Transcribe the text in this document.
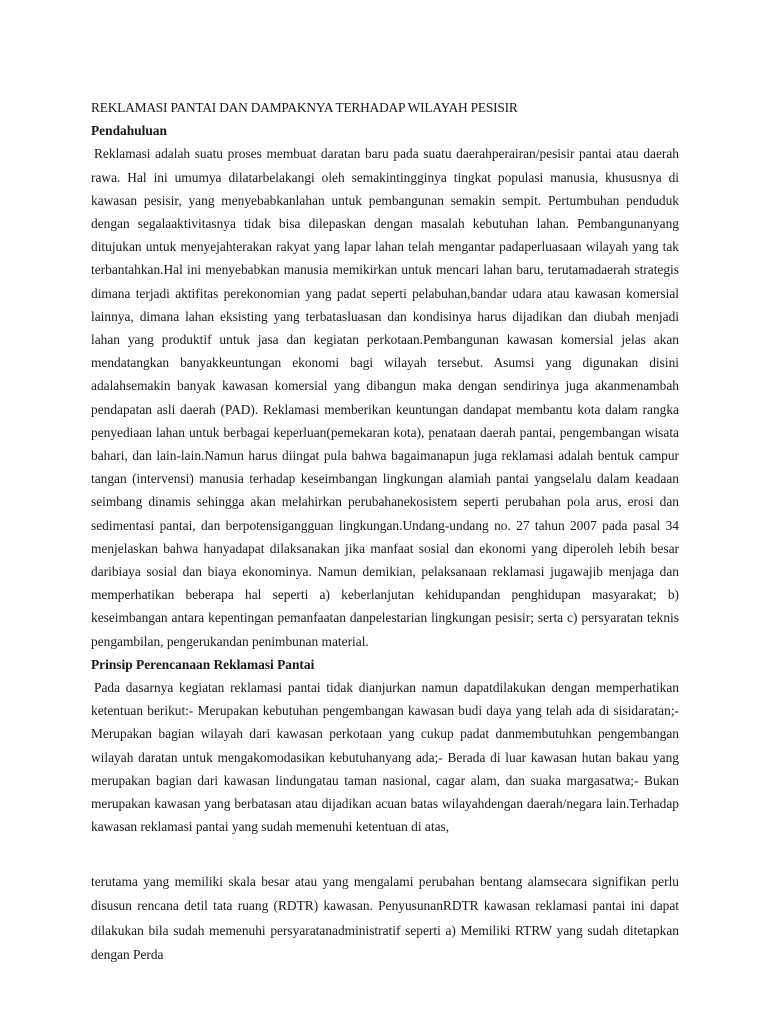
REKLAMASI PANTAI DAN DAMPAKNYA TERHADAP WILAYAH PESISIR
Pendahuluan

Reklamasi adalah suatu proses membuat daratan baru pada suatu daerahperairan/pesisir pantai atau daerah rawa. Hal ini umumya dilatarbelakangi oleh semakintingginya tingkat populasi manusia, khususnya di kawasan pesisir, yang menyebabkanlahan untuk pembangunan semakin sempit. Pertumbuhan penduduk dengan segalaaktivitasnya tidak bisa dilepaskan dengan masalah kebutuhan lahan. Pembangunanyang ditujukan untuk menyejahterakan rakyat yang lapar lahan telah mengantar padaperluasaan wilayah yang tak terbantahkan.Hal ini menyebabkan manusia memikirkan untuk mencari lahan baru, terutamadaerah strategis dimana terjadi aktifitas perekonomian yang padat seperti pelabuhan,bandar udara atau kawasan komersial lainnya, dimana lahan eksisting yang terbatasluasan dan kondisinya harus dijadikan dan diubah menjadi lahan yang produktif untuk jasa dan kegiatan perkotaan.Pembangunan kawasan komersial jelas akan mendatangkan banyakkeuntungan ekonomi bagi wilayah tersebut. Asumsi yang digunakan disini adalahsemakin banyak kawasan komersial yang dibangun maka dengan sendirinya juga akanmenambah pendapatan asli daerah (PAD). Reklamasi memberikan keuntungan dandapat membantu kota dalam rangka penyediaan lahan untuk berbagai keperluan(pemekaran kota), penataan daerah pantai, pengembangan wisata bahari, dan lain-lain.Namun harus diingat pula bahwa bagaimanapun juga reklamasi adalah bentuk campur tangan (intervensi) manusia terhadap keseimbangan lingkungan alamiah pantai yangselalu dalam keadaan seimbang dinamis sehingga akan melahirkan perubahanekosistem seperti perubahan pola arus, erosi dan sedimentasi pantai, dan berpotensigangguan lingkungan.Undang-undang no. 27 tahun 2007 pada pasal 34 menjelaskan bahwa hanyadapat dilaksanakan jika manfaat sosial dan ekonomi yang diperoleh lebih besar daribiaya sosial dan biaya ekonominya. Namun demikian, pelaksanaan reklamasi jugawajib menjaga dan memperhatikan beberapa hal seperti a) keberlanjutan kehidupandan penghidupan masyarakat; b) keseimbangan antara kepentingan pemanfaatan danpelestarian lingkungan pesisir; serta c) persyaratan teknis pengambilan, pengerukandan penimbunan material.

Prinsip Perencanaan Reklamasi Pantai

Pada dasarnya kegiatan reklamasi pantai tidak dianjurkan namun dapatdilakukan dengan memperhatikan ketentuan berikut:- Merupakan kebutuhan pengembangan kawasan budi daya yang telah ada di sisidaratan;- Merupakan bagian wilayah dari kawasan perkotaan yang cukup padat danmembutuhkan pengembangan wilayah daratan untuk mengakomodasikan kebutuhanyang ada;- Berada di luar kawasan hutan bakau yang merupakan bagian dari kawasan lindungatau taman nasional, cagar alam, dan suaka margasatwa;- Bukan merupakan kawasan yang berbatasan atau dijadikan acuan batas wilayahdengan daerah/negara lain.Terhadap kawasan reklamasi pantai yang sudah memenuhi ketentuan di atas,

terutama yang memiliki skala besar atau yang mengalami perubahan bentang alamsecara signifikan perlu disusun rencana detil tata ruang (RDTR) kawasan. PenyusunanRDTR kawasan reklamasi pantai ini dapat dilakukan bila sudah memenuhi persyaratanadministratif seperti a) Memiliki RTRW yang sudah ditetapkan dengan Perda
